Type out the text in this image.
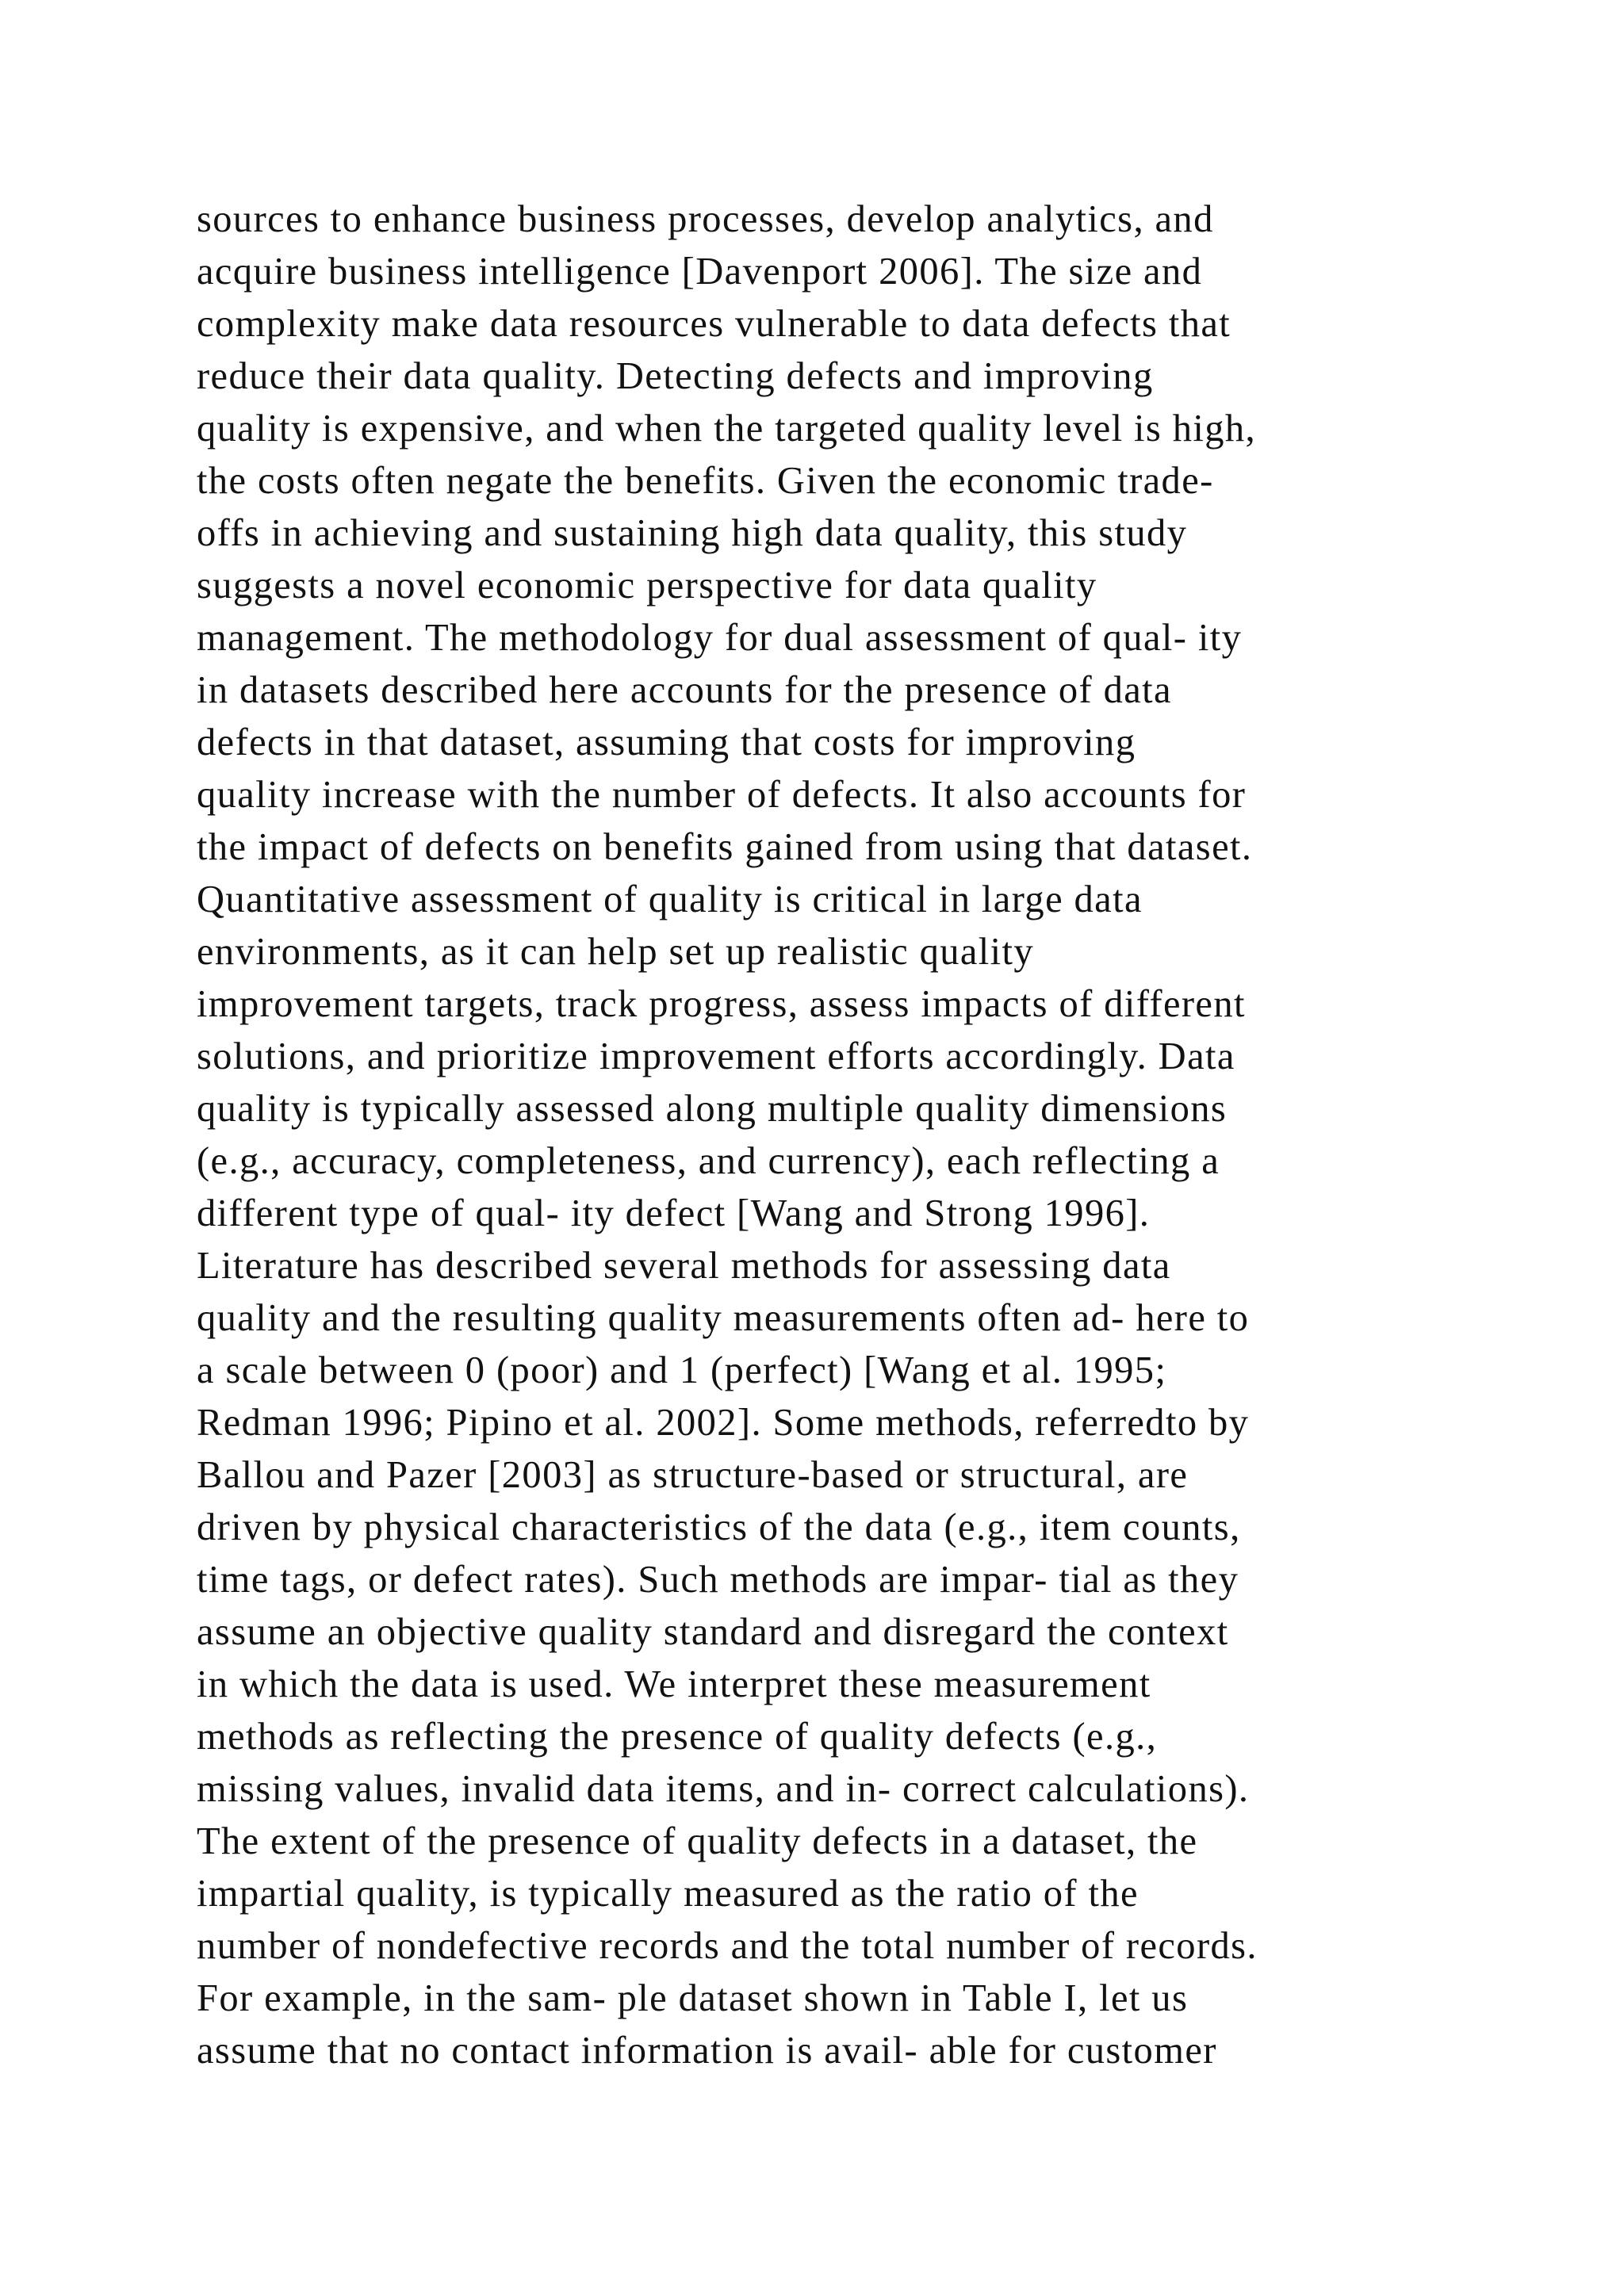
sources to enhance business processes, develop analytics, and
acquire business intelligence [Davenport 2006]. The size and
complexity make data resources vulnerable to data defects that
reduce their data quality. Detecting defects and improving
quality is expensive, and when the targeted quality level is high,
the costs often negate the benefits. Given the economic trade-
offs in achieving and sustaining high data quality, this study
suggests a novel economic perspective for data quality
management. The methodology for dual assessment of qual- ity
in datasets described here accounts for the presence of data
defects in that dataset, assuming that costs for improving
quality increase with the number of defects. It also accounts for
the impact of defects on benefits gained from using that dataset.
Quantitative assessment of quality is critical in large data
environments, as it can help set up realistic quality
improvement targets, track progress, assess impacts of different
solutions, and prioritize improvement efforts accordingly. Data
quality is typically assessed along multiple quality dimensions
(e.g., accuracy, completeness, and currency), each reflecting a
different type of qual- ity defect [Wang and Strong 1996].
Literature has described several methods for assessing data
quality and the resulting quality measurements often ad- here to
a scale between 0 (poor) and 1 (perfect) [Wang et al. 1995;
Redman 1996; Pipino et al. 2002]. Some methods, referredto by
Ballou and Pazer [2003] as structure-based or structural, are
driven by physical characteristics of the data (e.g., item counts,
time tags, or defect rates). Such methods are impar- tial as they
assume an objective quality standard and disregard the context
in which the data is used. We interpret these measurement
methods as reflecting the presence of quality defects (e.g.,
missing values, invalid data items, and in- correct calculations).
The extent of the presence of quality defects in a dataset, the
impartial quality, is typically measured as the ratio of the
number of nondefective records and the total number of records.
For example, in the sam- ple dataset shown in Table I, let us
assume that no contact information is avail- able for customer
